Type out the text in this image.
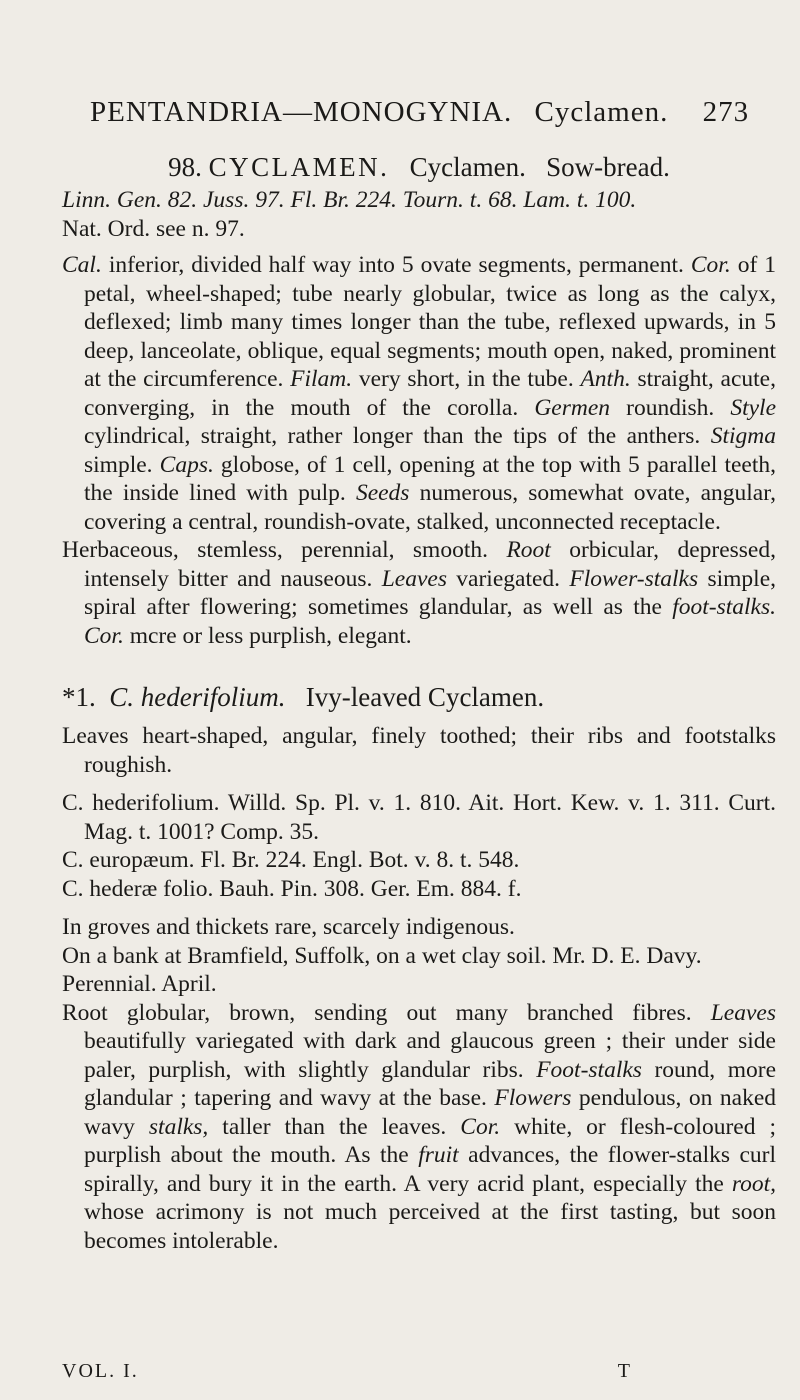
PENTANDRIA—MONOGYNIA. Cyclamen. 273
98. CYCLAMEN. Cyclamen. Sow-bread.
Linn. Gen. 82. Juss. 97. Fl. Br. 224. Tourn. t. 68. Lam. t. 100.
Nat. Ord. see n. 97.

Cal. inferior, divided half way into 5 ovate segments, permanent. Cor. of 1 petal, wheel-shaped; tube nearly globular, twice as long as the calyx, deflexed; limb many times longer than the tube, reflexed upwards, in 5 deep, lanceolate, oblique, equal segments; mouth open, naked, prominent at the circumference. Filam. very short, in the tube. Anth. straight, acute, converging, in the mouth of the corolla. Germen roundish. Style cylindrical, straight, rather longer than the tips of the anthers. Stigma simple. Caps. globose, of 1 cell, opening at the top with 5 parallel teeth, the inside lined with pulp. Seeds numerous, somewhat ovate, angular, covering a central, roundish-ovate, stalked, unconnected receptacle.

Herbaceous, stemless, perennial, smooth. Root orbicular, depressed, intensely bitter and nauseous. Leaves variegated. Flower-stalks simple, spiral after flowering; sometimes glandular, as well as the foot-stalks. Cor. mcre or less purplish, elegant.

*1. C. hederifolium. Ivy-leaved Cyclamen.

Leaves heart-shaped, angular, finely toothed; their ribs and footstalks roughish.

C. hederifolium. Willd. Sp. Pl. v. 1. 810. Ait. Hort. Kew. v. 1. 311. Curt. Mag. t. 1001? Comp. 35.

C. europæum. Fl. Br. 224. Engl. Bot. v. 8. t. 548.

C. hederæ folio. Bauh. Pin. 308. Ger. Em. 884. f.

In groves and thickets rare, scarcely indigenous.

On a bank at Bramfield, Suffolk, on a wet clay soil. Mr. D. E. Davy.

Perennial. April.

Root globular, brown, sending out many branched fibres. Leaves beautifully variegated with dark and glaucous green ; their under side paler, purplish, with slightly glandular ribs. Foot-stalks round, more glandular ; tapering and wavy at the base. Flowers pendulous, on naked wavy stalks, taller than the leaves. Cor. white, or flesh-coloured ; purplish about the mouth. As the fruit advances, the flower-stalks curl spirally, and bury it in the earth. A very acrid plant, especially the root, whose acrimony is not much perceived at the first tasting, but soon becomes intolerable.

VOL. I.	T
